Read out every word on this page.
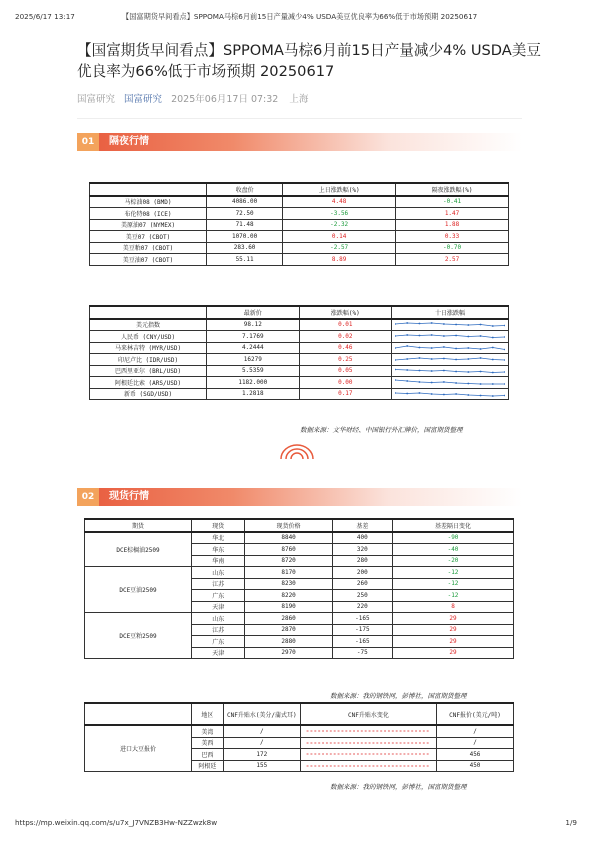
2025/6/17 13:17	【国富期货早间看点】SPPOMA马棕6月前15日产量减少4% USDA美豆优良率为66%低于市场预期 20250617
【国富期货早间看点】SPPOMA马棕6月前15日产量减少4% USDA美豆优良率为66%低于市场预期 20250617
国富研究 国富研究 2025年06月17日 07:32 上海
01	隔夜行情
	收盘价	上日涨跌幅(%)	隔夜涨跌幅(%)
马棕油08 (BMD)	4086.00	4.48	-0.41
布伦特08 (ICE)	72.50	-3.56	1.47
美原油07 (NYMEX)	71.48	-2.32	1.88
美豆07 (CBOT)	1070.00	0.14	0.33
美豆粕07 (CBOT)	283.60	-2.57	-0.70
美豆油07 (CBOT)	55.11	8.89	2.57
	最新价	涨跌幅(%)	十日涨跌幅
美元指数	98.12	0.01	

人民币 (CNY/USD)	7.1769	0.02	

马来林吉特 (MYR/USD)	4.2444	0.46	

印尼卢比 (IDR/USD)	16279	0.25	

巴西里亚尔 (BRL/USD)	5.5359	0.05	

阿根廷比索 (ARS/USD)	1182.000	0.00	

新币 (SGD/USD)	1.2818	0.17	
数据来源：文华财经、中国银行外汇牌价，国富期货整理
02	现货行情
期货	现货	现货价格	基差	基差隔日变化
DCE棕榈油2509	华北	8840	400	-90
	华东	8760	320	-40
	华南	8720	280	-20
DCE豆油2509	山东	8170	200	-12
	江苏	8230	260	-12
	广东	8220	250	-12
	天津	8190	220	8
DCE豆粕2509	山东	2860	-165	29
	江苏	2870	-175	29
	广东	2880	-165	29
	天津	2970	-75	29
数据来源：我的钢铁网，彭博社，国富期货整理
	地区	CNF升贴水(美分/蒲式耳)	CNF升贴水变化	CNF报价(美元/吨)
进口大豆报价	美湾	/		/
	美西	/		/
	巴西	172		456
	阿根廷	155		450
数据来源：我的钢铁网，彭博社，国富期货整理
https://mp.weixin.qq.com/s/u7x_J7VNZB3Hw-NZZwzk8w	1/9
